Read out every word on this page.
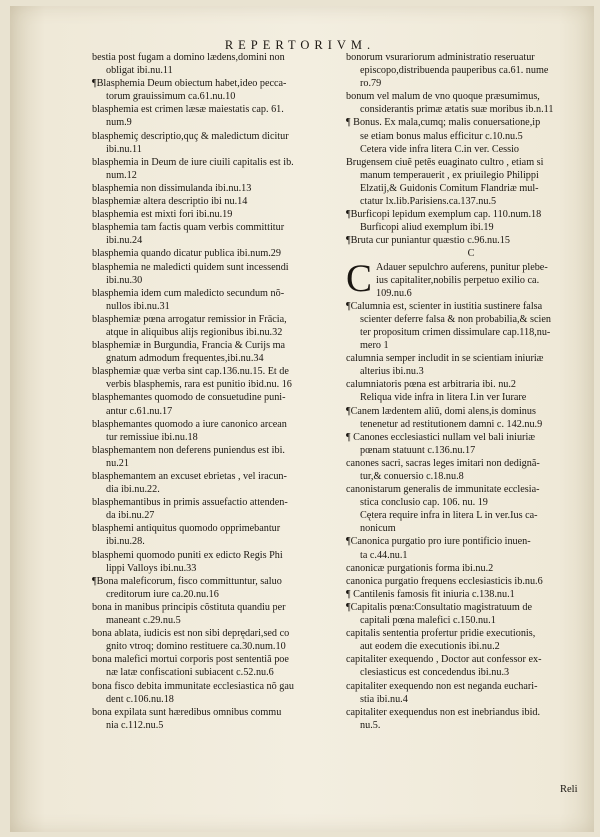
REPERTORIVM.
bestia post fugam a domino lædens,domini non
obligat ibi.nu.11
¶Blasphemia Deum obiectum habet,ideo pecca-
torum grauissimum ca.61.nu.10
blasphemia est crimen læsæ maiestatis cap. 61.
num.9
blasphemiç descriptio,quç & maledictum dicitur
ibi.nu.11
blasphemia in Deum de iure ciuili capitalis est ib.
num.12
blasphemia non dissimulanda ibi.nu.13
blasphemiæ altera descriptio ibi nu.14
blasphemia est mixti fori ibi.nu.19
blasphemia tam factis quam verbis committitur
ibi.nu.24
blasphemia quando dicatur publica ibi.num.29
blasphemia ne maledicti quidem sunt incessendi
ibi.nu.30
blasphemia idem cum maledicto secundum nõ-
nullos ibi.nu.31
blasphemiæ pœna arrogatur remissior in Fräcia,
atque in aliquibus alijs regionibus ibi.nu.32
blasphemiæ in Burgundia, Francia & Curijs ma
gnatum admodum frequentes,ibi.nu.34
blasphemiæ quæ verba sint cap.136.nu.15. Et de
verbis blasphemis, rara est punitio ibid.nu. 16
blasphemantes quomodo de consuetudine puni-
antur c.61.nu.17
blasphemantes quomodo a iure canonico arcean
tur remissiue ibi.nu.18
blasphemantem non deferens puniendus est ibi.
nu.21
blasphemantem an excuset ebrietas , vel iracun-
dia ibi.nu.22.
blasphemantibus in primis assuefactio attenden-
da ibi.nu.27
blasphemi antiquitus quomodo opprimebantur
ibi.nu.28.
blasphemi quomodo puniti ex edicto Regis Phi
lippi Valloys ibi.nu.33
¶Bona maleficorum, fisco committuntur, saluo
creditorum iure ca.20.nu.16
bona in manibus principis cõstituta quandiu per
maneant c.29.nu.5
bona ablata, iudicis est non sibi deprędari,sed co
gnito vtroq; domino restituere ca.30.num.10
bona malefici mortui corporis post sententiã poe
næ latæ confiscationi subiacent c.52.nu.6
bona fisco debita immunitate ecclesiastica nõ gau
dent c.106.nu.18
bona expilata sunt hæredibus omnibus commu
nia c.112.nu.5
bonorum vsurariorum administratio reseruatur
episcopo,distribuenda pauperibus ca.61. nume
ro.79
bonum vel malum de vno quoque præsumimus,
considerantis primæ ætatis suæ moribus ib.n.11
¶ Bonus. Ex mala,cumq; malis conuersatione,ip
se etiam bonus malus efficitur c.10.nu.5
Cetera vide infra litera C.in ver. Cessio
Brugensem ciuẽ petẽs euaginato cultro , etiam si
manum temperauerit , ex priuilegio Philippi
Elzatij,& Guidonis Comitum Flandriæ mul-
ctatur lx.lib.Parisiens.ca.137.nu.5
¶Burficopi lepidum exemplum cap. 110.num.18
Burficopi aliud exemplum ibi.19
¶Bruta cur puniantur quæstio c.96.nu.15
C
C Adauer sepulchro auferens, punitur plebe-
ius capitaliter,nobilis perpetuo exilio ca.
109.nu.6
¶Calumnia est, scienter in iustitia sustinere falsa
scienter deferre falsa & non probabilia,& scien
ter propositum crimen dissimulare cap.118,nu-
mero 1
calumnia semper includit in se scientiam iniuriæ
alterius ibi.nu.3
calumniatoris pœna est arbitraria ibi. nu.2
Reliqua vide infra in litera I.in ver Iurare
¶Canem lædentem aliũ, domi alens,is dominus
tenenetur ad restitutionem damni c. 142.nu.9
¶ Canones ecclesiastici nullam vel bali iniuriæ
pœnam statuunt c.136.nu.17
canones sacri, sacras leges imitari non dedignã-
tur,& conuersio c.18.nu.8
canonistarum generalis de immunitate ecclesia-
stica conclusio cap. 106. nu. 19
Cętera require infra in litera L in ver.Ius ca-
nonicum
¶Canonica purgatio pro iure pontificio inuen-
ta c.44.nu.1
canonicæ purgationis forma ibi.nu.2
canonica purgatio frequens ecclesiasticis ib.nu.6
¶ Cantilenis famosis fit iniuria c.138.nu.1
¶Capitalis pœna:Consultatio magistratuum de
capitali pœna malefici c.150.nu.1
capitalis sententia profertur pridie executionis,
aut eodem die executionis ibi.nu.2
capitaliter exequendo , Doctor aut confessor ex-
clesiasticus est concedendus ibi.nu.3
capitaliter exequendo non est neganda euchari-
stia ibi.nu.4
capitaliter exequendus non est inebriandus ibid.
nu.5.
Reli
